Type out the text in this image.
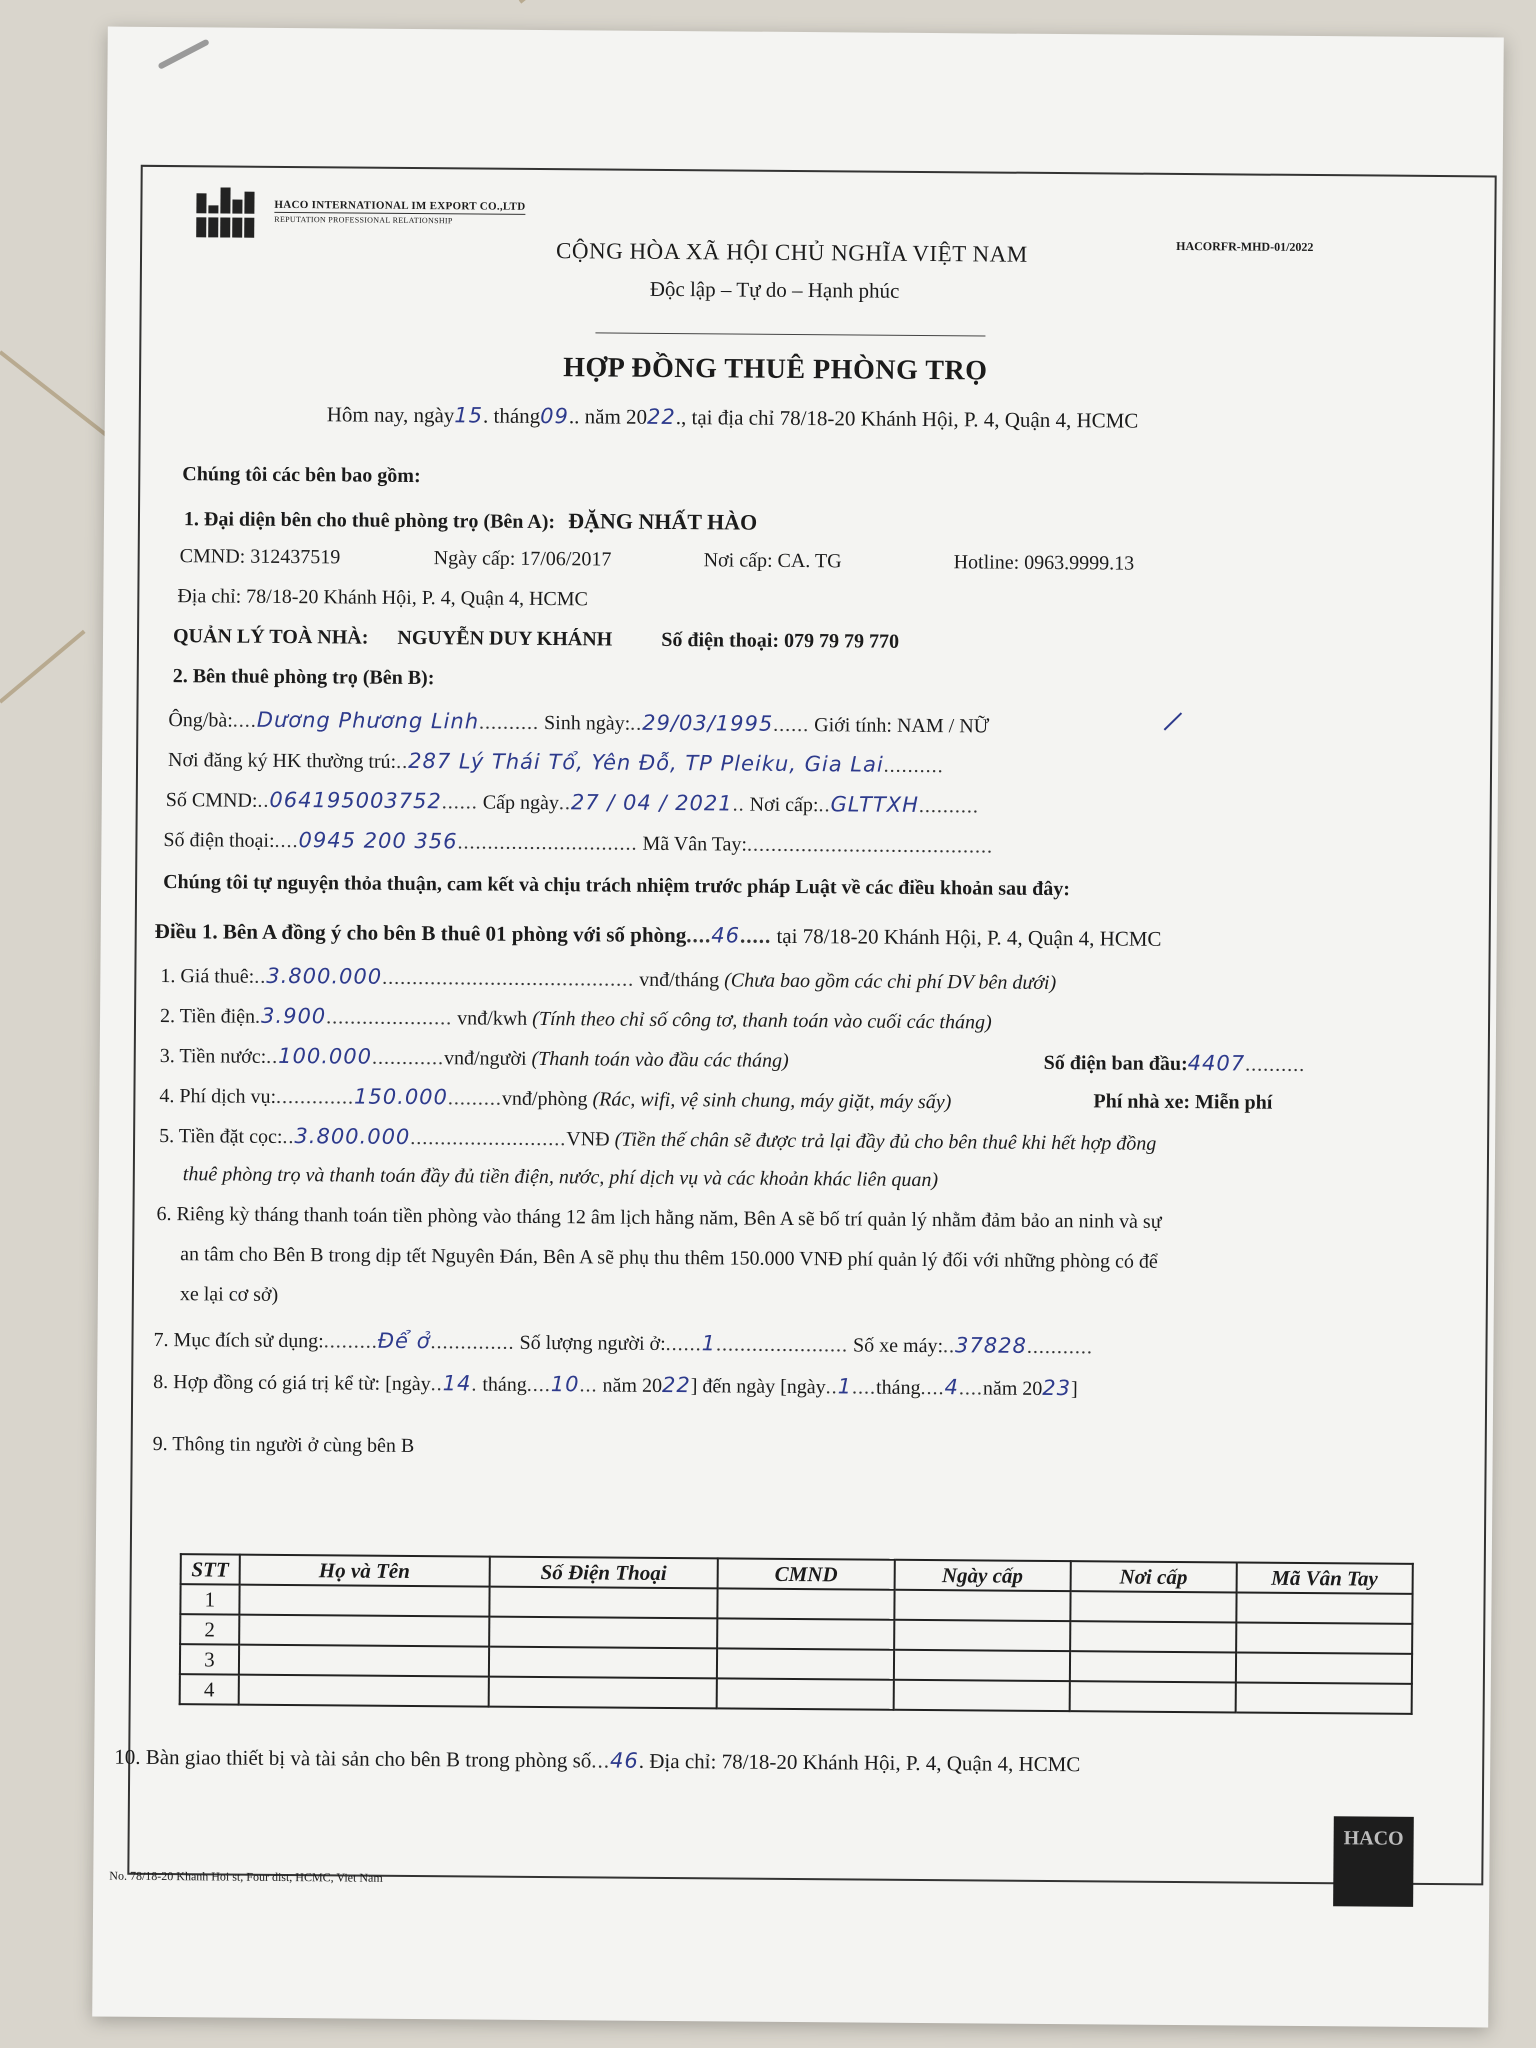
HACO INTERNATIONAL IM EXPORT CO.,LTD
REPUTATION PROFESSIONAL RELATIONSHIP
HACORFR-MHD-01/2022
CỘNG HÒA XÃ HỘI CHỦ NGHĨA VIỆT NAM
Độc lập – Tự do – Hạnh phúc
HỢP ĐỒNG THUÊ PHÒNG TRỌ
Hôm nay, ngày15. tháng09.. năm 2022., tại địa chỉ 78/18-20 Khánh Hội, P. 4, Quận 4, HCMC
Chúng tôi các bên bao gồm:
1. Đại diện bên cho thuê phòng trọ (Bên A): ĐẶNG NHẤT HÀO
CMND: 312437519	Ngày cấp: 17/06/2017	Nơi cấp: CA. TG	Hotline: 0963.9999.13
Địa chỉ: 78/18-20 Khánh Hội, P. 4, Quận 4, HCMC
QUẢN LÝ TOÀ NHÀ: NGUYỄN DUY KHÁNH Số điện thoại: 079 79 79 770
2. Bên thuê phòng trọ (Bên B):
Ông/bà:....Dương Phương Linh.......... Sinh ngày:..29/03/1995...... Giới tính: NAM / NỮ
Nơi đăng ký HK thường trú:..287 Lý Thái Tổ, Yên Đỗ, TP Pleiku, Gia Lai..........
Số CMND:..064195003752...... Cấp ngày..27 / 04 / 2021.. Nơi cấp:..GLTTXH..........
Số điện thoại:....0945 200 356.............................. Mã Vân Tay:.........................................
Chúng tôi tự nguyện thỏa thuận, cam kết và chịu trách nhiệm trước pháp Luật về các điều khoản sau đây:
Điều 1. Bên A đồng ý cho bên B thuê 01 phòng với số phòng....46..... tại 78/18-20 Khánh Hội, P. 4, Quận 4, HCMC
1. Giá thuê:..3.800.000.......................................... vnđ/tháng (Chưa bao gồm các chi phí DV bên dưới)
2. Tiền điện.3.900..................... vnđ/kwh (Tính theo chỉ số công tơ, thanh toán vào cuối các tháng)
3. Tiền nước:..100.000............vnđ/người (Thanh toán vào đầu các tháng)	Số điện ban đầu:4407..........
4. Phí dịch vụ:.............150.000.........vnđ/phòng (Rác, wifi, vệ sinh chung, máy giặt, máy sấy)	Phí nhà xe: Miễn phí
5. Tiền đặt cọc:..3.800.000..........................VNĐ (Tiền thế chân sẽ được trả lại đầy đủ cho bên thuê khi hết hợp đồng
thuê phòng trọ và thanh toán đầy đủ tiền điện, nước, phí dịch vụ và các khoản khác liên quan)
6. Riêng kỳ tháng thanh toán tiền phòng vào tháng 12 âm lịch hằng năm, Bên A sẽ bố trí quản lý nhằm đảm bảo an ninh và sự
an tâm cho Bên B trong dịp tết Nguyên Đán, Bên A sẽ phụ thu thêm 150.000 VNĐ phí quản lý đối với những phòng có để
xe lại cơ sở)
7. Mục đích sử dụng:.........Để ở.............. Số lượng người ở:......1...................... Số xe máy:..37828...........
8. Hợp đồng có giá trị kể từ: [ngày..14. tháng....10... năm 2022] đến ngày [ngày..1....tháng....4....năm 2023]
9. Thông tin người ở cùng bên B
STT	Họ và Tên	Số Điện Thoại	CMND	Ngày cấp	Nơi cấp	Mã Vân Tay
1						
2						
3						
4						
10. Bàn giao thiết bị và tài sản cho bên B trong phòng số...46. Địa chỉ: 78/18-20 Khánh Hội, P. 4, Quận 4, HCMC
No. 78/18-20 Khanh Hoi st, Four dist, HCMC, Viet Nam
HACO
